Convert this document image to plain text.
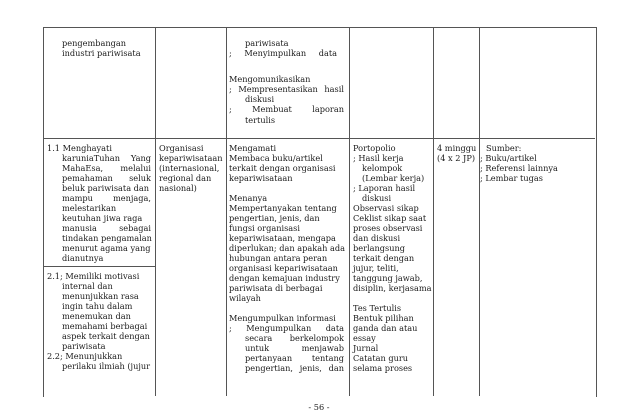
pengembangan
industri pariwisata
pariwisata
; Menyimpulkan data
Mengomunikasikan
; Mempresentasikan hasil
diskusi
; Membuat laporan
tertulis
1.1 Menghayati
karuniaTuhan Yang
MahaEsa, melalui
pemahaman seluk
beluk pariwisata dan
mampu menjaga,
melestarikan
keutuhan jiwa raga
manusia sebagai
tindakan pengamalan
menurut agama yang
dianutnya
2.1; Memiliki motivasi
internal dan
menunjukkan rasa
ingin tahu dalam
menemukan dan
memahami berbagai
aspek terkait dengan
pariwisata
2.2; Menunjukkan
perilaku ilmiah (jujur
Organisasi
kepariwisataan
(internasional,
regional dan
nasional)
Mengamati
Membaca buku/artikel
terkait dengan organisasi
kepariwisataan
Menanya
Mempertanyakan tentang
pengertian, jenis, dan
fungsi organisasi
kepariwisataan, mengapa
diperlukan; dan apakah ada
hubungan antara peran
organisasi kepariwisataan
dengan kemajuan industry
pariwisata di berbagai
wilayah
Mengumpulkan informasi
; Mengumpulkan data
secara berkelompok
untuk menjawab
pertanyaan tentang
pengertian, jenis, dan
Portopolio
; Hasil kerja
kelompok
(Lembar kerja)
; Laporan hasil
diskusi
Observasi sikap
Ceklist sikap saat
proses observasi
dan diskusi
berlangsung
terkait dengan
jujur, teliti,
tanggung jawab,
disiplin, kerjasama
Tes Tertulis
Bentuk pilihan
ganda dan atau
essay
Jurnal
Catatan guru
selama proses
4 minggu
(4 x 2 JP)
Sumber:
; Buku/artikel
; Referensi lainnya
; Lembar tugas
- 56 -
